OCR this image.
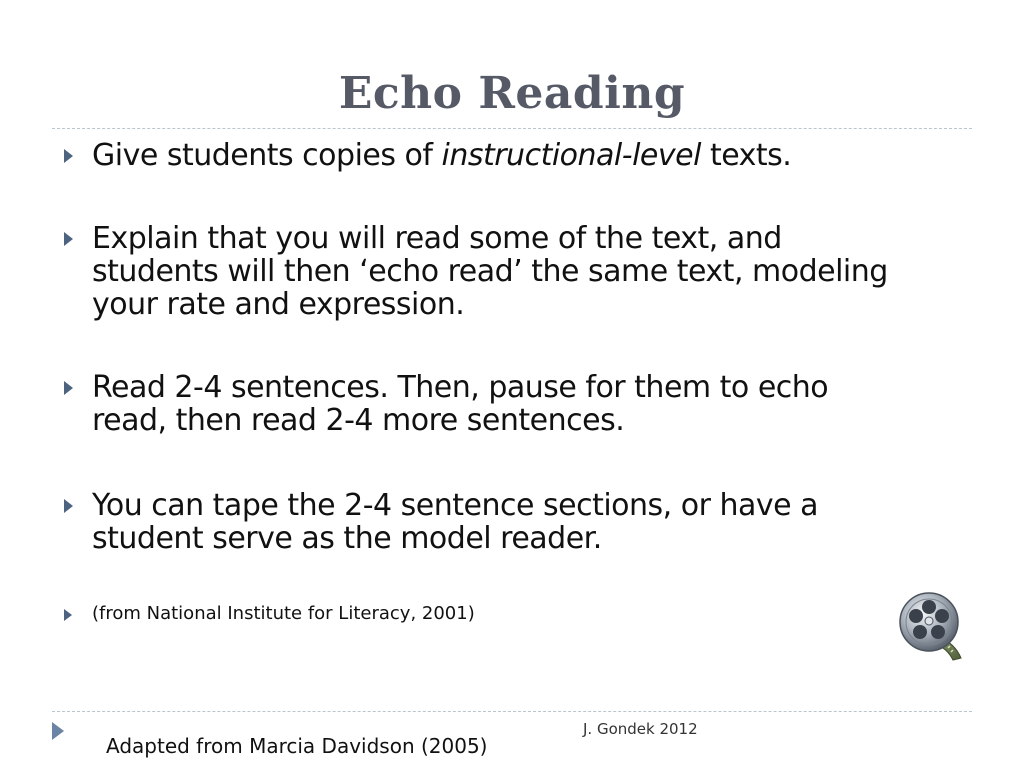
Echo Reading
Give students copies of instructional-level texts.
Explain that you will read some of the text, and
students will then ‘echo read’ the same text, modeling
your rate and expression.
Read 2-4 sentences. Then, pause for them to echo
read, then read 2-4 more sentences.
You can tape the 2-4 sentence sections, or have a
student serve as the model reader.
(from National Institute for Literacy, 2001)
J. Gondek 2012
Adapted from Marcia Davidson (2005)
